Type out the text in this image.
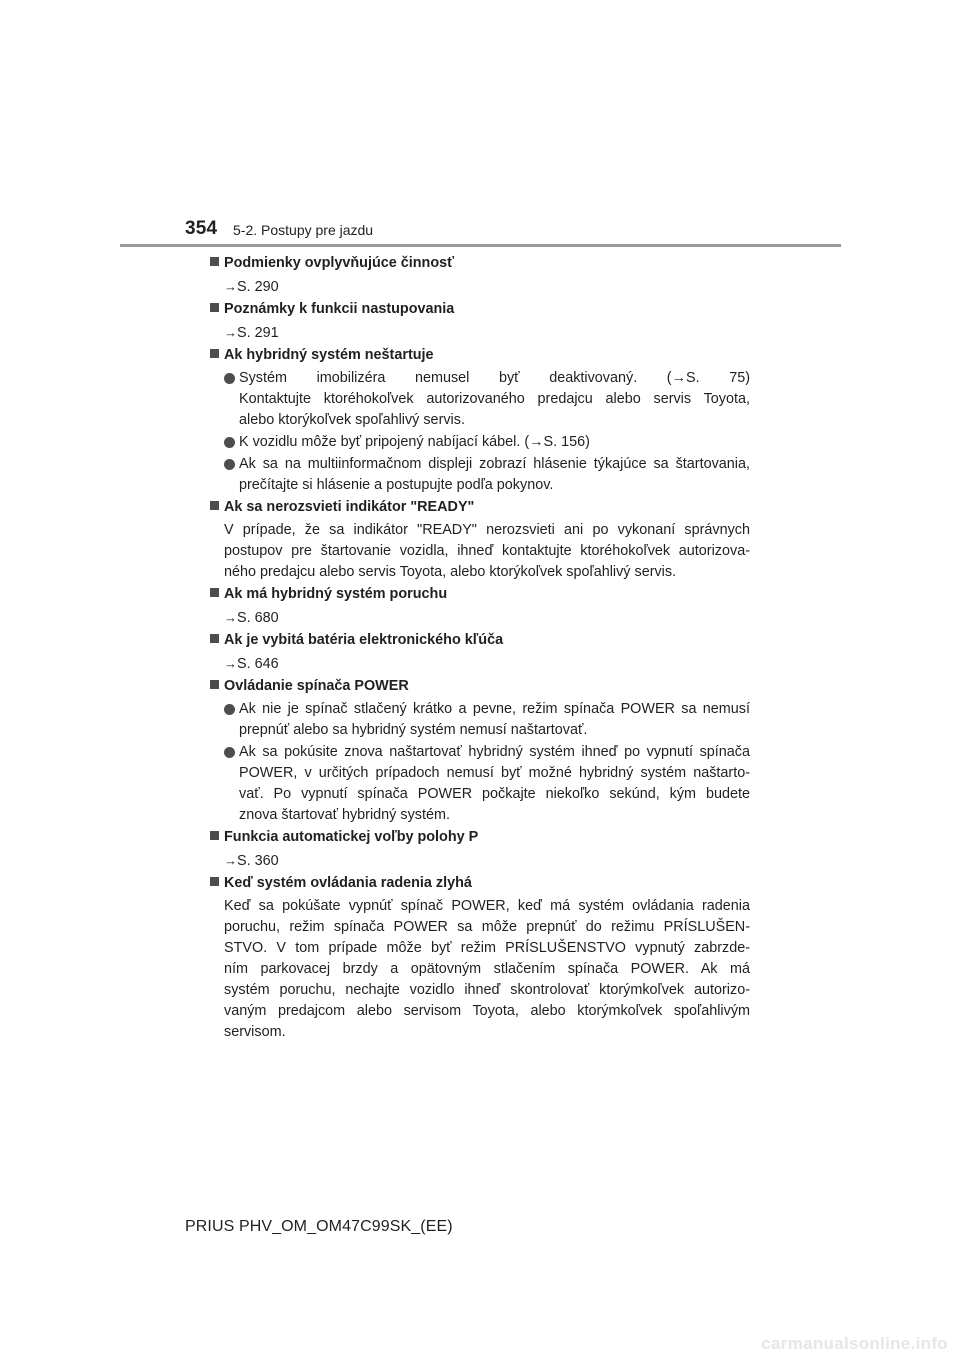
354 5-2. Postupy pre jazdu
Podmienky ovplyvňujúce činnosť
→S. 290
Poznámky k funkcii nastupovania
→S. 291
Ak hybridný systém neštartuje
Systém imobilizéra nemusel byť deaktivovaný. (→S. 75)
Kontaktujte ktoréhokoľvek autorizovaného predajcu alebo servis Toyota,
alebo ktorýkoľvek spoľahlivý servis.
K vozidlu môže byť pripojený nabíjací kábel. (→S. 156)
Ak sa na multiinformačnom displeji zobrazí hlásenie týkajúce sa štartovania,
prečítajte si hlásenie a postupujte podľa pokynov.
Ak sa nerozsvieti indikátor "READY"
V prípade, že sa indikátor "READY" nerozsvieti ani po vykonaní správnych
postupov pre štartovanie vozidla, ihneď kontaktujte ktoréhokoľvek autorizova-
ného predajcu alebo servis Toyota, alebo ktorýkoľvek spoľahlivý servis.
Ak má hybridný systém poruchu
→S. 680
Ak je vybitá batéria elektronického kľúča
→S. 646
Ovládanie spínača POWER
Ak nie je spínač stlačený krátko a pevne, režim spínača POWER sa nemusí
prepnúť alebo sa hybridný systém nemusí naštartovať.
Ak sa pokúsite znova naštartovať hybridný systém ihneď po vypnutí spínača
POWER, v určitých prípadoch nemusí byť možné hybridný systém naštarto-
vať. Po vypnutí spínača POWER počkajte niekoľko sekúnd, kým budete
znova štartovať hybridný systém.
Funkcia automatickej voľby polohy P
→S. 360
Keď systém ovládania radenia zlyhá
Keď sa pokúšate vypnúť spínač POWER, keď má systém ovládania radenia
poruchu, režim spínača POWER sa môže prepnúť do režimu PRÍSLUŠEN-
STVO. V tom prípade môže byť režim PRÍSLUŠENSTVO vypnutý zabrzde-
ním parkovacej brzdy a opätovným stlačením spínača POWER. Ak má
systém poruchu, nechajte vozidlo ihneď skontrolovať ktorýmkoľvek autorizo-
vaným predajcom alebo servisom Toyota, alebo ktorýmkoľvek spoľahlivým
servisom.
PRIUS PHV_OM_OM47C99SK_(EE)
carmanualsonline.info
